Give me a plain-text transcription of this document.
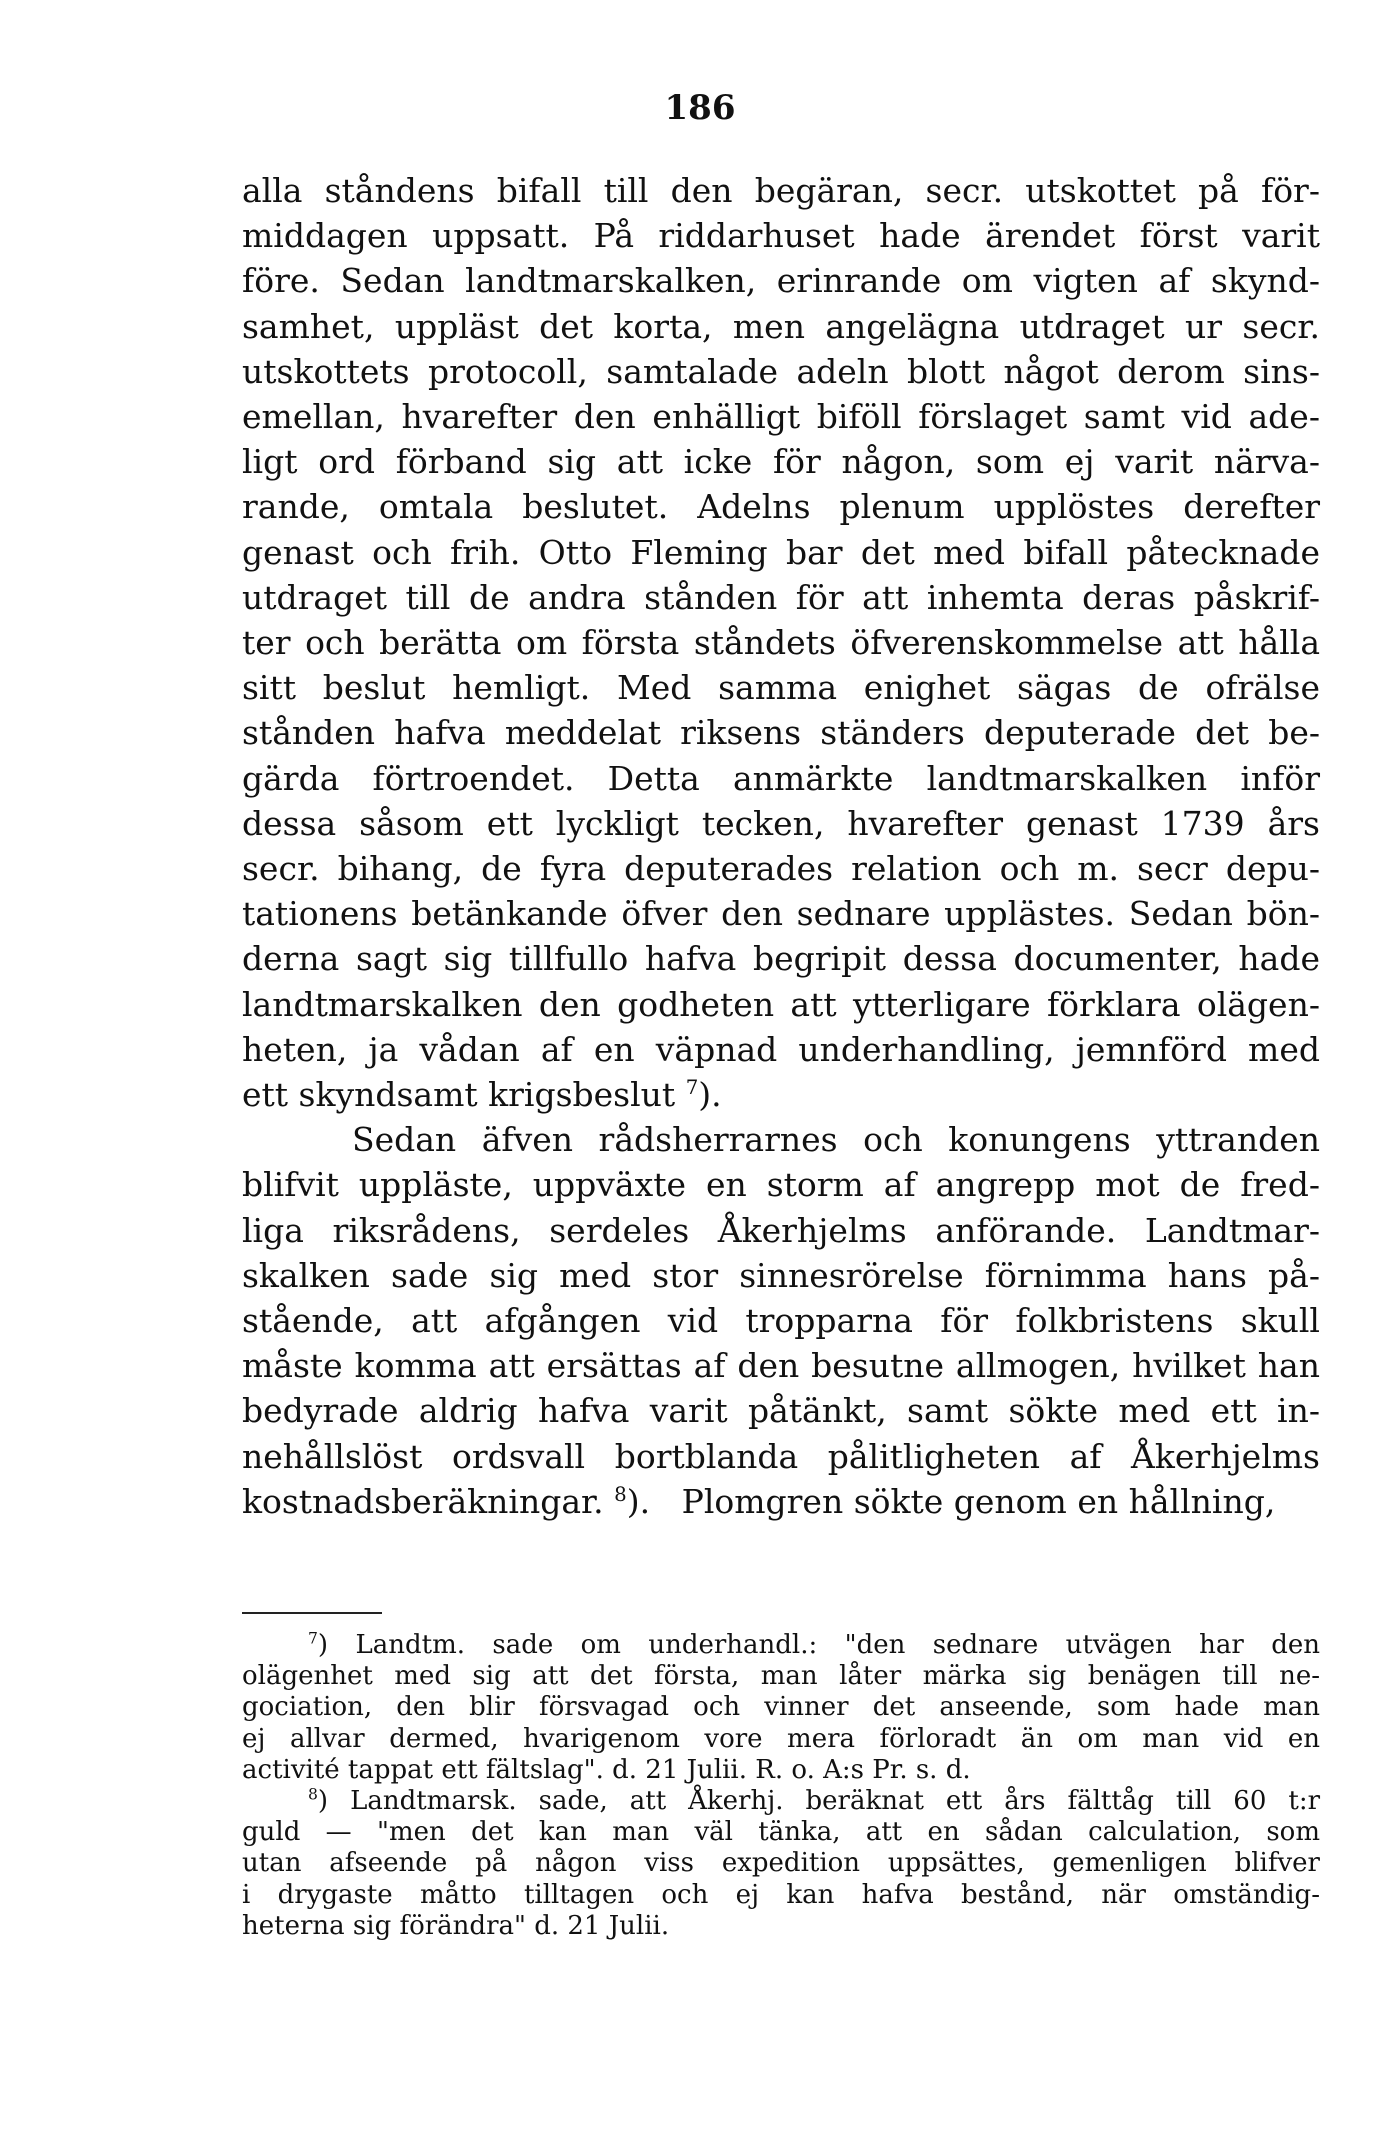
186
alla ståndens bifall till den begäran, secr. utskottet på för-
middagen uppsatt. På riddarhuset hade ärendet först varit
före. Sedan landtmarskalken, erinrande om vigten af skynd-
samhet, uppläst det korta, men angelägna utdraget ur secr.
utskottets protocoll, samtalade adeln blott något derom sins-
emellan, hvarefter den enhälligt biföll förslaget samt vid ade-
ligt ord förband sig att icke för någon, som ej varit närva-
rande, omtala beslutet. Adelns plenum upplöstes derefter
genast och frih. Otto Fleming bar det med bifall påtecknade
utdraget till de andra stånden för att inhemta deras påskrif-
ter och berätta om första ståndets öfverenskommelse att hålla
sitt beslut hemligt. Med samma enighet sägas de ofrälse
stånden hafva meddelat riksens ständers deputerade det be-
gärda förtroendet. Detta anmärkte landtmarskalken inför
dessa såsom ett lyckligt tecken, hvarefter genast 1739 års
secr. bihang, de fyra deputerades relation och m. secr depu-
tationens betänkande öfver den sednare upplästes. Sedan bön-
derna sagt sig tillfullo hafva begripit dessa documenter, hade
landtmarskalken den godheten att ytterligare förklara olägen-
heten, ja vådan af en väpnad underhandling, jemnförd med
ett skyndsamt krigsbeslut $^7$).
Sedan äfven rådsherrarnes och konungens yttranden
blifvit uppläste, uppväxte en storm af angrepp mot de fred-
liga riksrådens, serdeles Åkerhjelms anförande. Landtmar-
skalken sade sig med stor sinnesrörelse förnimma hans på-
stående, att afgången vid tropparna för folkbristens skull
måste komma att ersättas af den besutne allmogen, hvilket han
bedyrade aldrig hafva varit påtänkt, samt sökte med ett in-
nehållslöst ordsvall bortblanda pålitligheten af Åkerhjelms
kostnadsberäkningar. $^8$). Plomgren sökte genom en hållning,
$^7$) Landtm. sade om underhandl.: "den sednare utvägen har den
olägenhet med sig att det första, man låter märka sig benägen till ne-
gociation, den blir försvagad och vinner det anseende, som hade man
ej allvar dermed, hvarigenom vore mera förloradt än om man vid en
activité tappat ett fältslag". d. 21 Julii. R. o. A:s Pr. s. d.
$^8$) Landtmarsk. sade, att Åkerhj. beräknat ett års fälttåg till 60 t:r
guld — "men det kan man väl tänka, att en sådan calculation, som
utan afseende på någon viss expedition uppsättes, gemenligen blifver
i drygaste måtto tilltagen och ej kan hafva bestånd, när omständig-
heterna sig förändra" d. 21 Julii.
